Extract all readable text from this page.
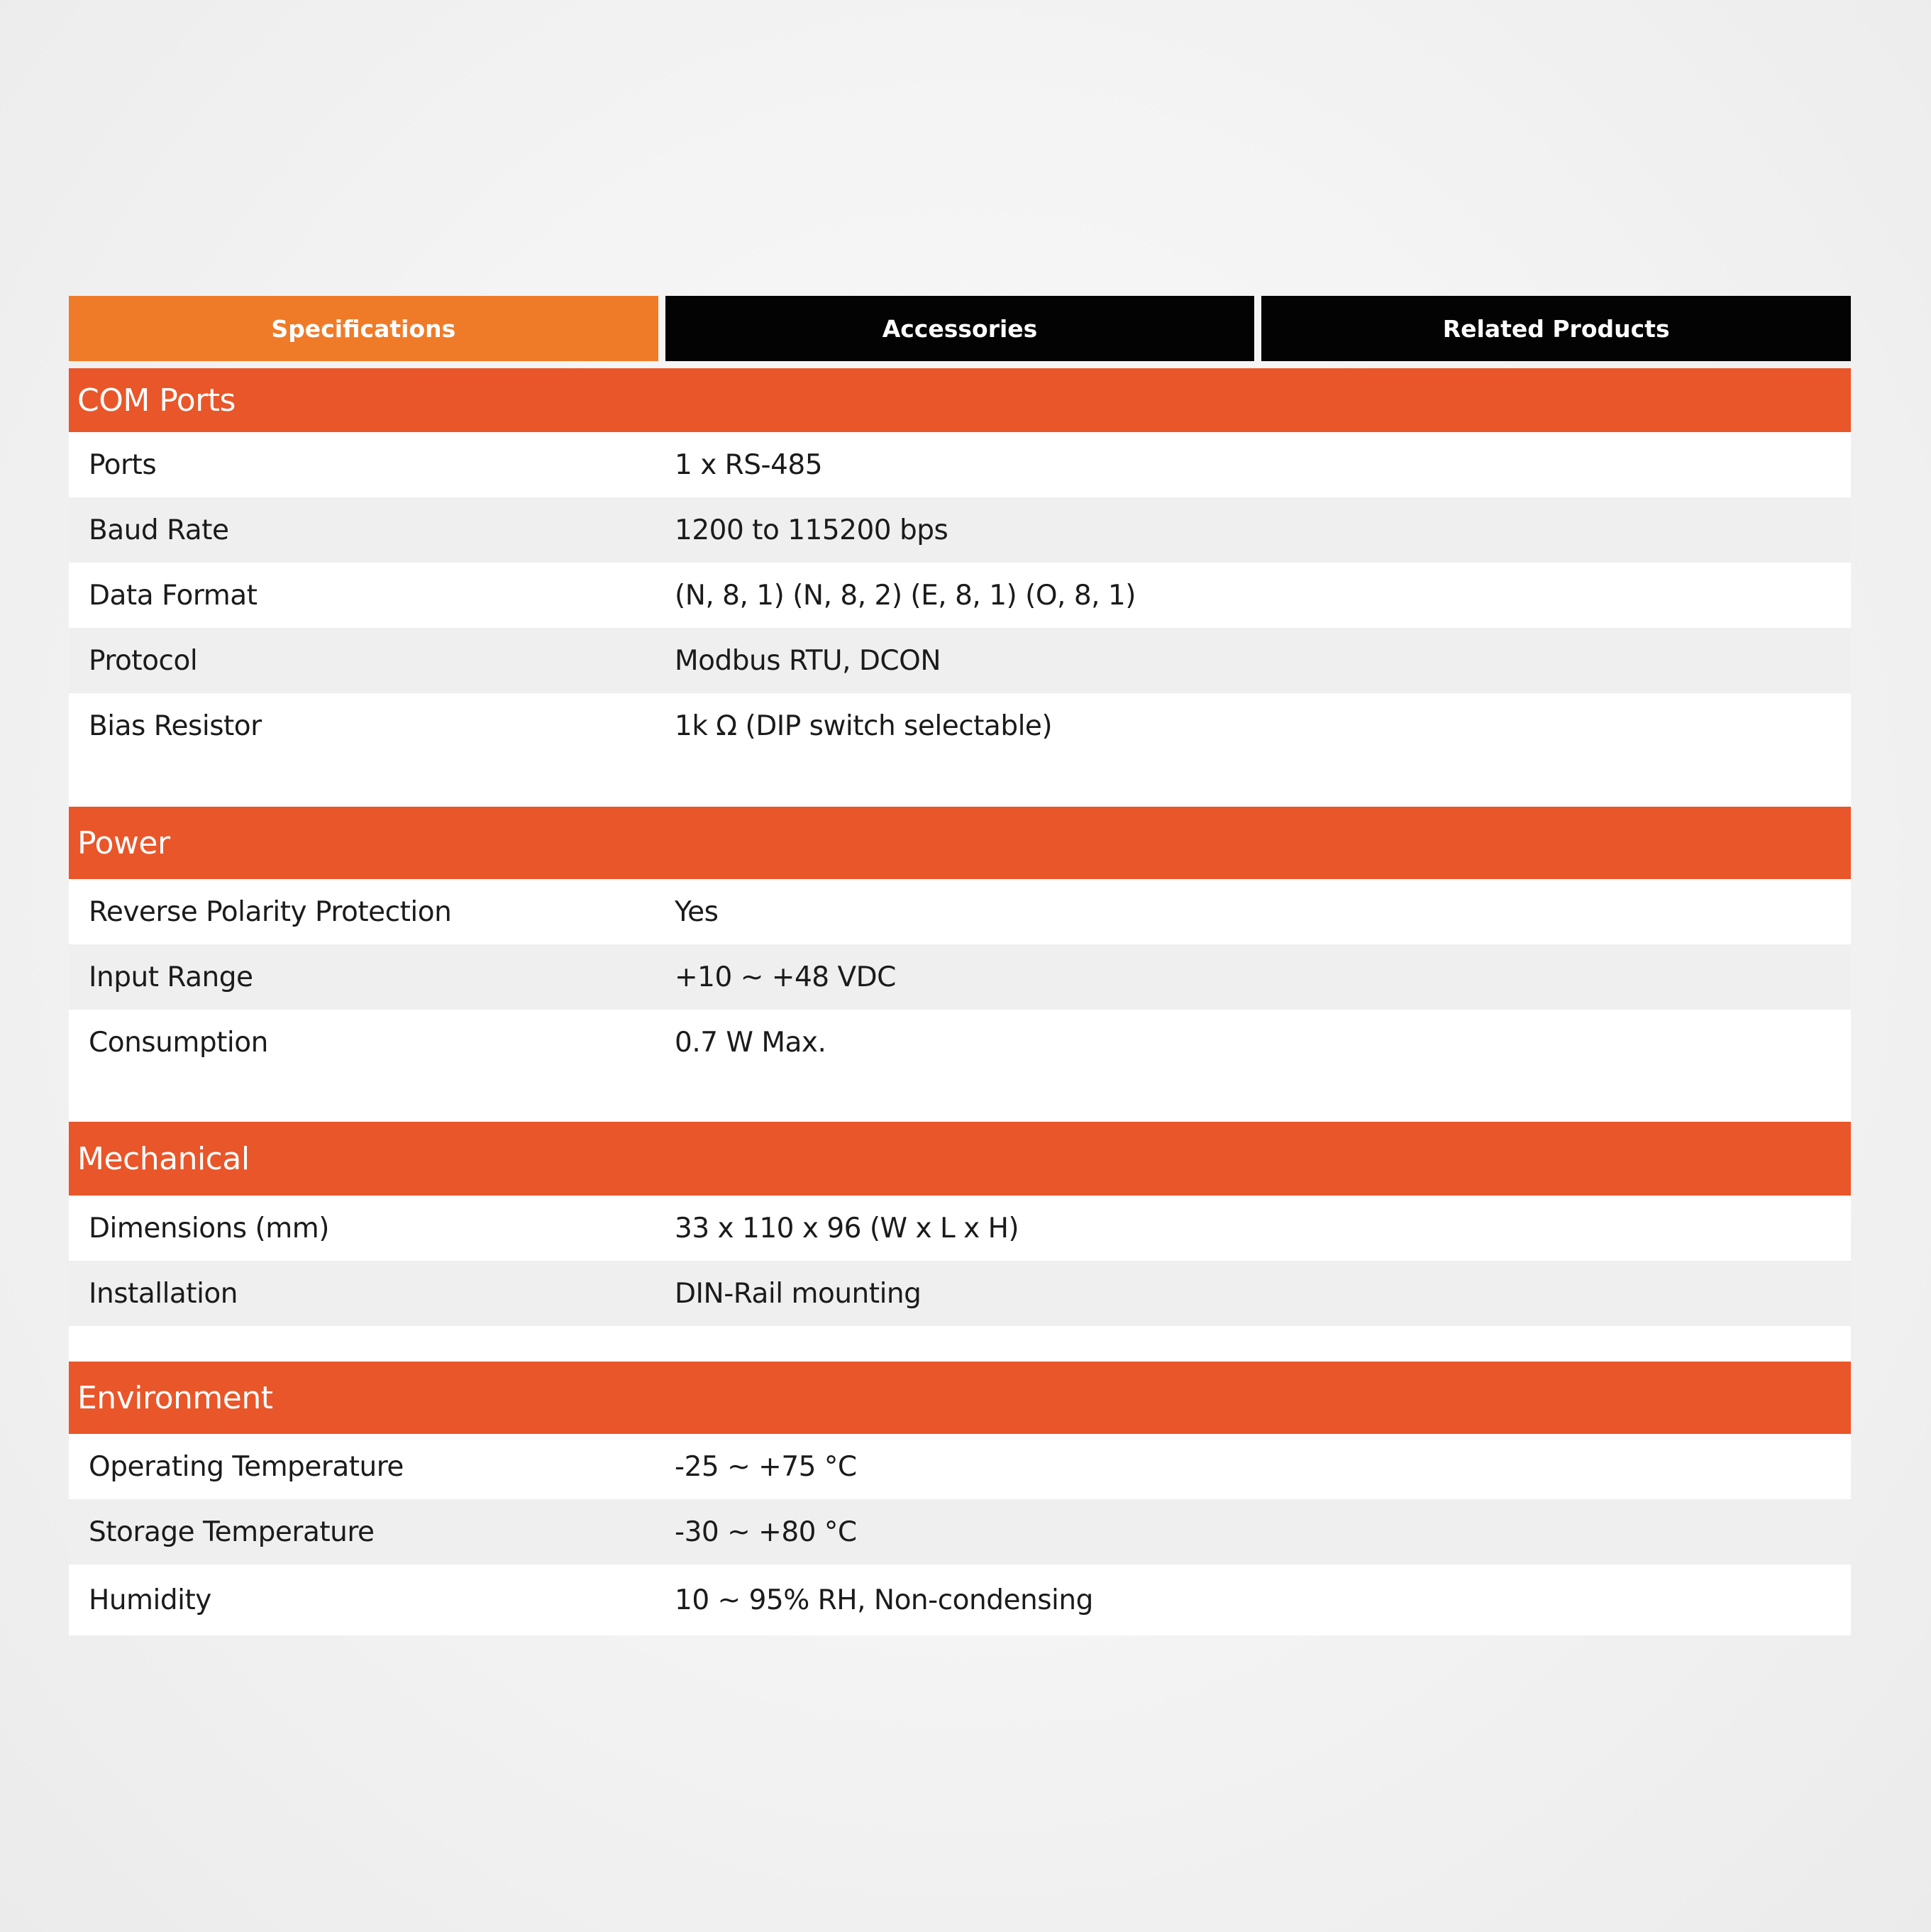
Specifications	Accessories	Related Products
COM Ports
Ports	1 x RS-485
Baud Rate	1200 to 115200 bps
Data Format	(N, 8, 1) (N, 8, 2) (E, 8, 1) (O, 8, 1)
Protocol	Modbus RTU, DCON
Bias Resistor	1k Ω (DIP switch selectable)
Power
Reverse Polarity Protection	Yes
Input Range	+10 ~ +48 VDC
Consumption	0.7 W Max.
Mechanical
Dimensions (mm)	33 x 110 x 96 (W x L x H)
Installation	DIN-Rail mounting
Environment
Operating Temperature	-25 ~ +75 °C
Storage Temperature	-30 ~ +80 °C
Humidity	10 ~ 95% RH, Non-condensing
